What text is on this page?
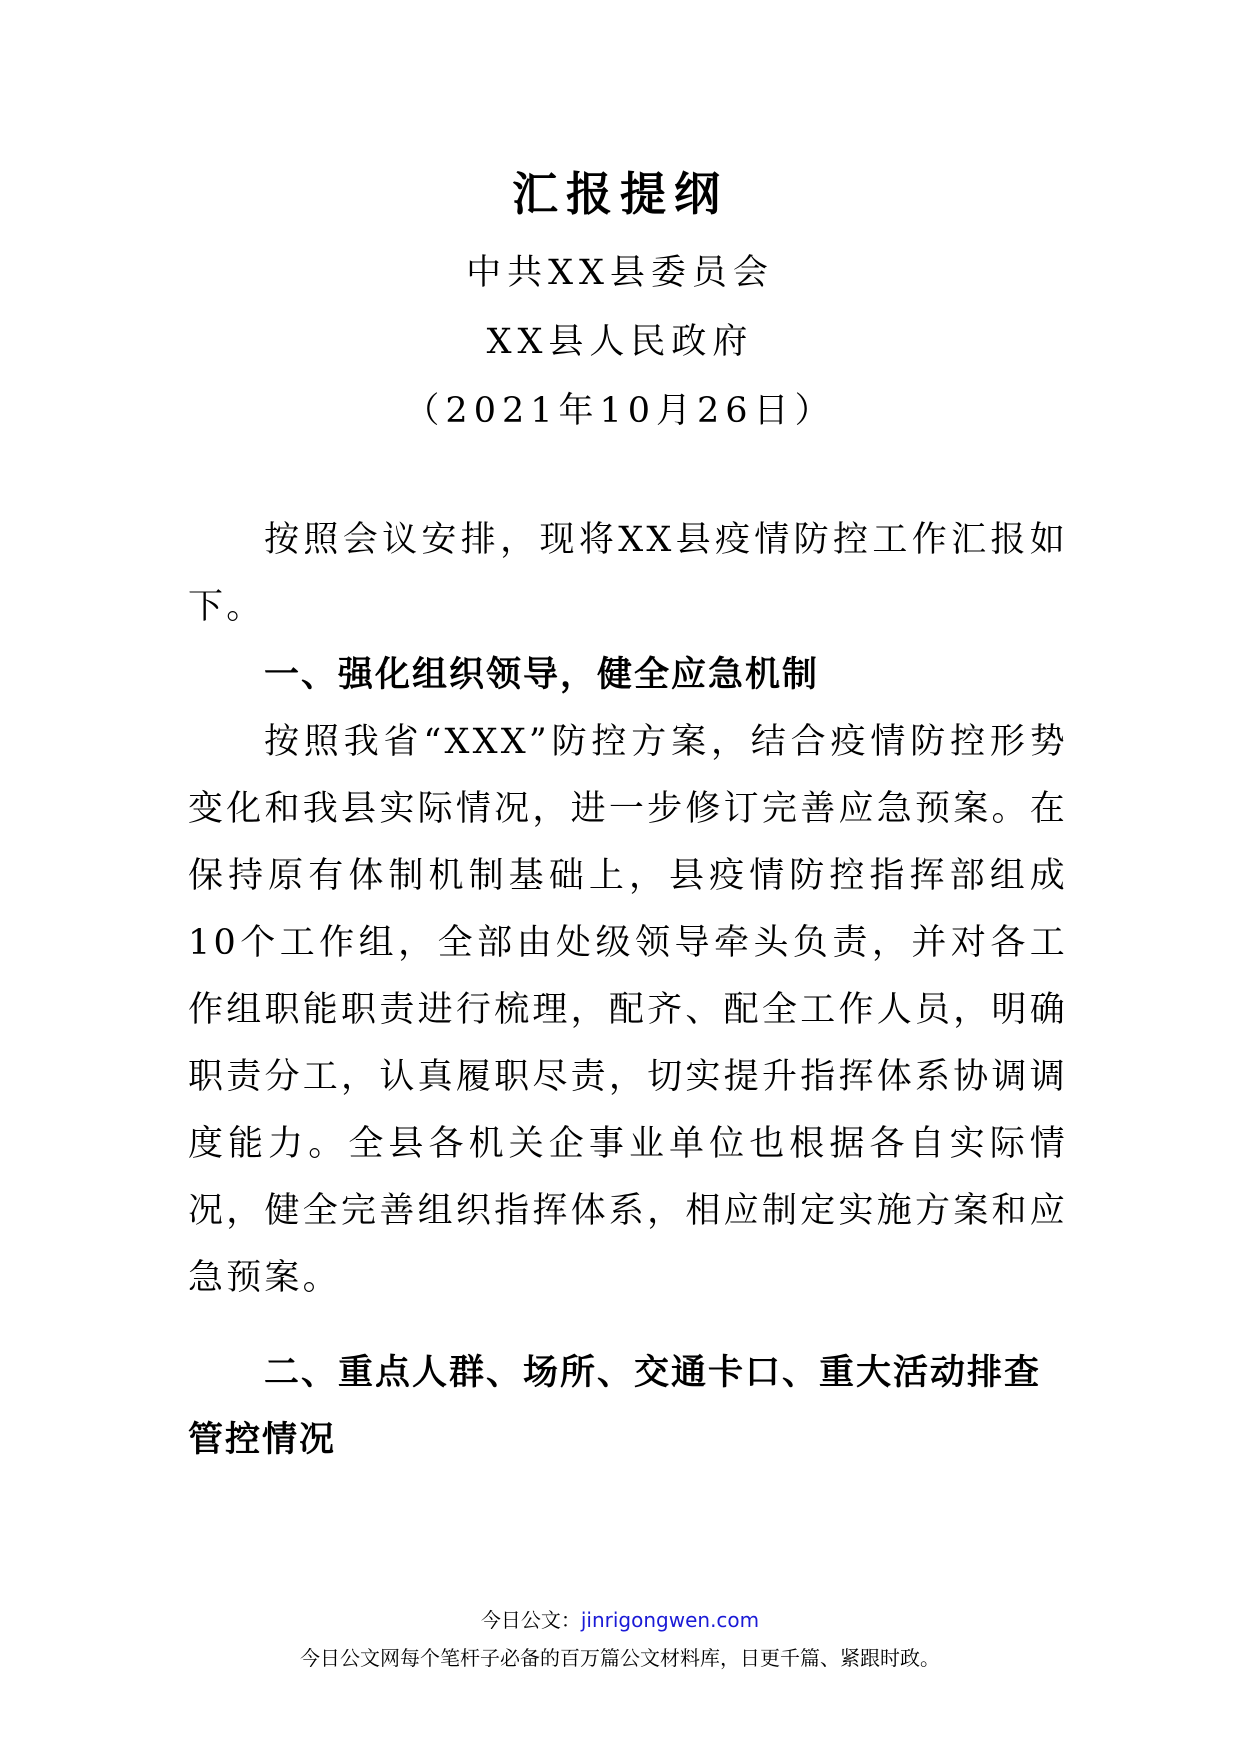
汇报提纲
中共XX县委员会
XX县人民政府
（2021年10月26日）
按照会议安排，现将XX县疫情防控工作汇报如下。
一、强化组织领导，健全应急机制
按照我省“XXX”防控方案，结合疫情防控形势变化和我县实际情况，进一步修订完善应急预案。在保持原有体制机制基础上，县疫情防控指挥部组成10个工作组，全部由处级领导牵头负责，并对各工作组职能职责进行梳理，配齐、配全工作人员，明确职责分工，认真履职尽责，切实提升指挥体系协调调度能力。全县各机关企事业单位也根据各自实际情况，健全完善组织指挥体系，相应制定实施方案和应急预案。
二、重点人群、场所、交通卡口、重大活动排查管控情况
今日公文：jinrigongwen.com
今日公文网每个笔杆子必备的百万篇公文材料库，日更千篇、紧跟时政。
